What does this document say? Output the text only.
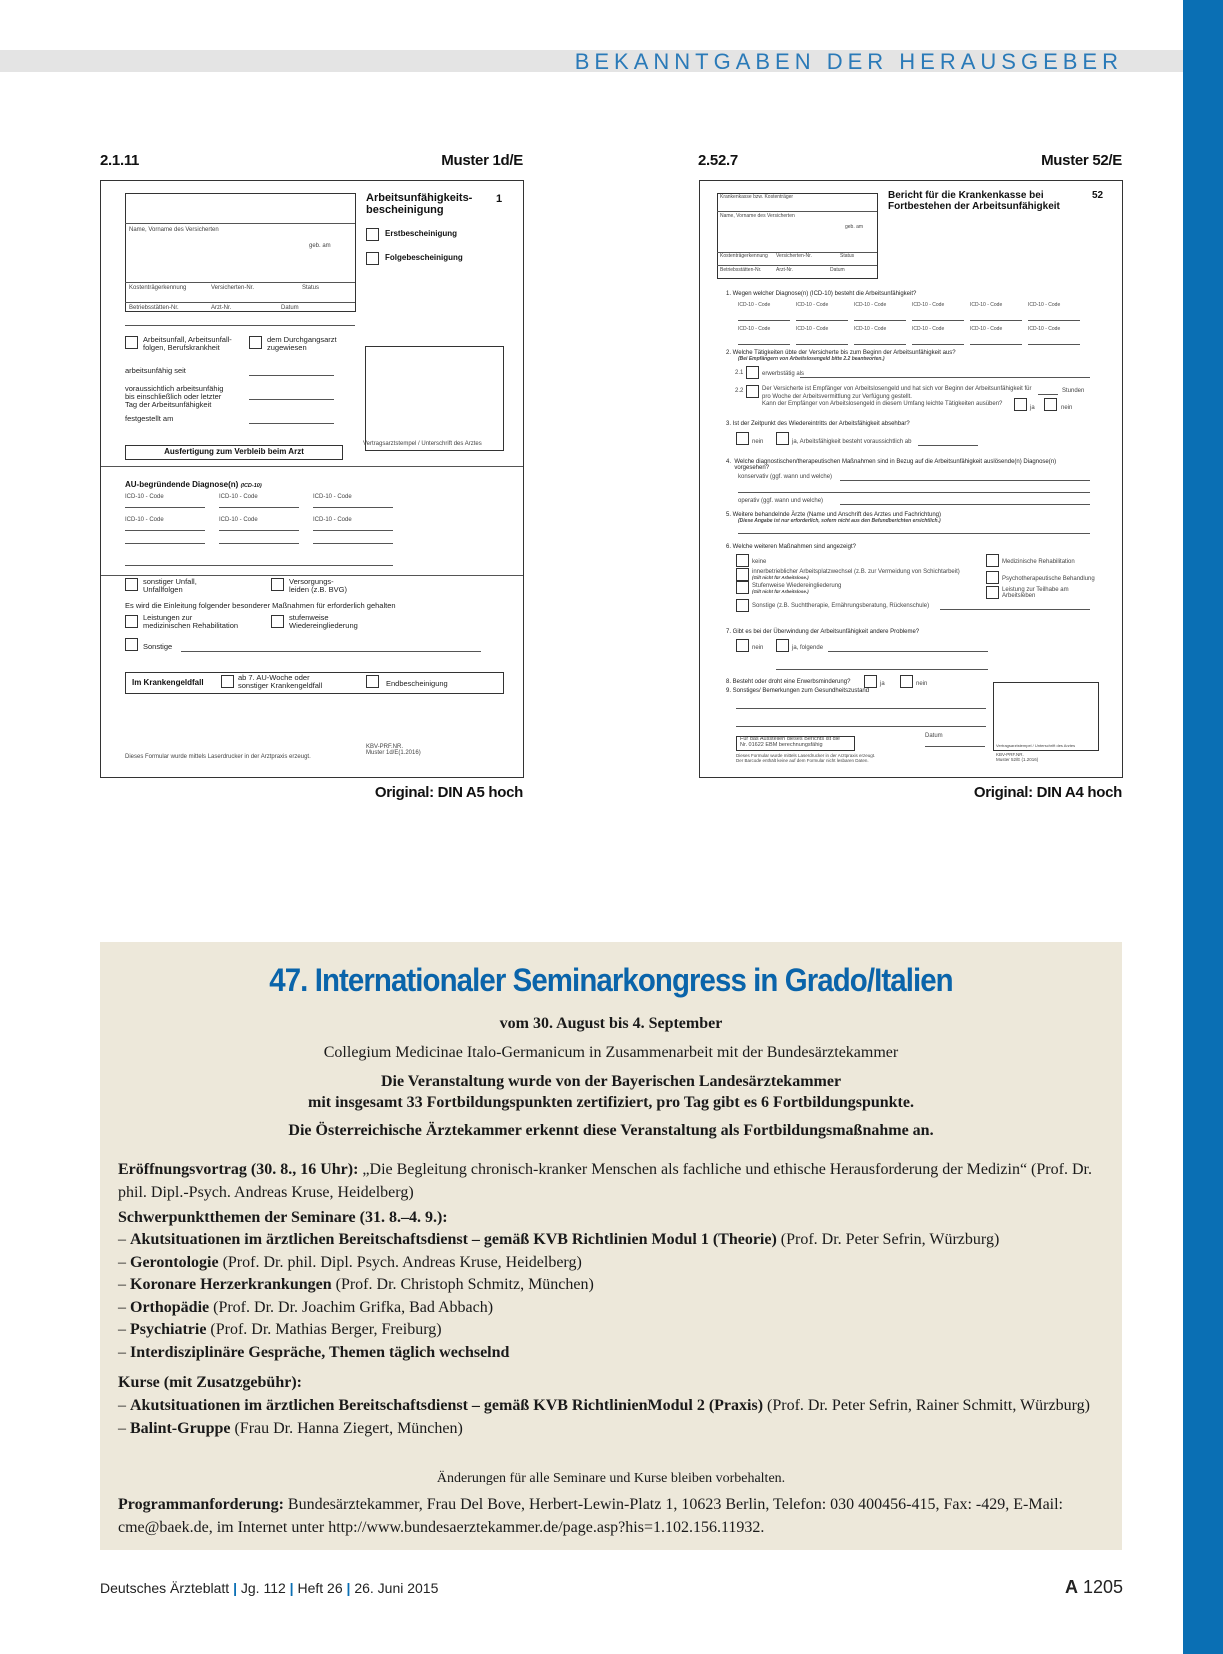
BEKANNTGABEN DER HERAUSGEBER
2.1.11	Muster 1d/E
Original: DIN A5 hoch
Name, Vorname des Versicherten
geb. am
Kostenträgerkennung	Versicherten-Nr.	Status
Betriebsstätten-Nr.	Arzt-Nr.	Datum
Arbeitsunfähigkeits-
bescheinigung
1
Erstbescheinigung
Folgebescheinigung
Arbeitsunfall, Arbeitsunfall-
folgen, Berufskrankheit
dem Durchgangsarzt
zugewiesen
arbeitsunfähig seit
voraussichtlich arbeitsunfähig
bis einschließlich oder letzter
Tag der Arbeitsunfähigkeit
festgestellt am
Vertragsarztstempel / Unterschrift des Arztes
Ausfertigung zum Verbleib beim Arzt
AU-begründende Diagnose(n) (ICD-10)
ICD-10 - Code	ICD-10 - Code	ICD-10 - Code
ICD-10 - Code	ICD-10 - Code	ICD-10 - Code
sonstiger Unfall,
Unfallfolgen
Versorgungs-
leiden (z.B. BVG)
Es wird die Einleitung folgender besonderer Maßnahmen für erforderlich gehalten
Leistungen zur
medizinischen Rehabilitation
stufenweise
Wiedereingliederung
Sonstige
Im Krankengeldfall
ab 7. AU-Woche oder
sonstiger Krankengeldfall	Endbescheinigung
Dieses Formular wurde mittels Laserdrucker in der Arztpraxis erzeugt.
KBV-PRF.NR.
Muster 1d/E(1.2016)
2.52.7	Muster 52/E
Original: DIN A4 hoch
Krankenkasse bzw. Kostenträger
Name, Vorname des Versicherten
geb. am
Kostenträgerkennung Versicherten-Nr.	Status
Betriebsstätten-Nr.	Arzt-Nr.	Datum
Bericht für die Krankenkasse bei
Fortbestehen der Arbeitsunfähigkeit
52
1. Wegen welcher Diagnose(n) (ICD-10) besteht die Arbeitsunfähigkeit?
2. Welche Tätigkeiten übte der Versicherte bis zum Beginn der Arbeitsunfähigkeit aus?
(Bei Empfängern von Arbeitslosengeld bitte 2.2 beantworten.)
2.1	erwerbstätig als
2.2	Der Versicherte ist Empfänger von Arbeitslosengeld und hat sich vor Beginn der Arbeitsunfähigkeit für
pro Woche der Arbeitsvermittlung zur Verfügung gestellt.
Kann der Empfänger von Arbeitslosengeld in diesem Umfang leichte Tätigkeiten ausüben?
Stunden
ja	nein
3. Ist der Zeitpunkt des Wiedereintritts der Arbeitsfähigkeit absehbar?
nein	ja, Arbeitsfähigkeit besteht voraussichtlich ab
4.  Welche diagnostischen/therapeutischen Maßnahmen sind in Bezug auf die Arbeitsunfähigkeit auslösende(n) Diagnose(n)
vorgesehen?
konservativ (ggf. wann und welche)
operativ (ggf. wann und welche)
5. Weitere behandelnde Ärzte (Name und Anschrift des Arztes und Fachrichtung)
(Diese Angabe ist nur erforderlich, sofern nicht aus den Befundberichten ersichtlich.)
6. Welche weiteren Maßnahmen sind angezeigt?
keine
innerbetrieblicher Arbeitsplatzwechsel (z.B. zur Vermeidung von Schichtarbeit)
(Gilt nicht für Arbeitslose.)
Stufenweise Wiedereingliederung
(Gilt nicht für Arbeitslose.)
Sonstige (z.B. Suchttherapie, Ernährungsberatung, Rückenschule)
Medizinische Rehabilitation
Psychotherapeutische Behandlung
Leistung zur Teilhabe am
Arbeitsleben
7. Gibt es bei der Überwindung der Arbeitsunfähigkeit andere Probleme?
nein	ja, folgende
8. Besteht oder droht eine Erwerbsminderung?	ja	nein
9. Sonstiges/ Bemerkungen zum Gesundheitszustand
Datum
Für das Ausstellen dieses Berichts ist die
Nr. 01622 EBM berechnungsfähig
Dieses Formular wurde mittels Laserdrucker in der Arztpraxis erzeugt.
Der Barcode enthält keine auf dem Formular nicht lesbaren Daten.
Vertragsarztstempel / Unterschrift des Arztes
KBV-PRF.NR.
Muster 52/E (1.2016)
ICD-10 - Code	ICD-10 - Code	ICD-10 - Code	ICD-10 - Code	ICD-10 - Code	ICD-10 - Code
ICD-10 - Code	ICD-10 - Code	ICD-10 - Code	ICD-10 - Code	ICD-10 - Code	ICD-10 - Code
47. Internationaler Seminarkongress in Grado/Italien
vom 30. August bis 4. September
Collegium Medicinae Italo-Germanicum in Zusammenarbeit mit der Bundesärztekammer
Die Veranstaltung wurde von der Bayerischen Landesärztekammer
mit insgesamt 33 Fortbildungspunkten zertifiziert, pro Tag gibt es 6 Fortbildungspunkte.
Die Österreichische Ärztekammer erkennt diese Veranstaltung als Fortbildungsmaßnahme an.
Eröffnungsvortrag (30. 8., 16 Uhr): „Die Begleitung chronisch-kranker Menschen als fachliche und ethische Herausforderung der Medizin“ (Prof. Dr. phil. Dipl.-Psych. Andreas Kruse, Heidelberg)
Schwerpunktthemen der Seminare (31. 8.–4. 9.):
– Akutsituationen im ärztlichen Bereitschaftsdienst – gemäß KVB Richtlinien Modul 1 (Theorie) (Prof. Dr. Peter Sefrin, Würzburg)
– Gerontologie (Prof. Dr. phil. Dipl. Psych. Andreas Kruse, Heidelberg)
– Koronare Herzerkrankungen (Prof. Dr. Christoph Schmitz, München)
– Orthopädie (Prof. Dr. Dr. Joachim Grifka, Bad Abbach)
– Psychiatrie (Prof. Dr. Mathias Berger, Freiburg)
– Interdisziplinäre Gespräche, Themen täglich wechselnd
Kurse (mit Zusatzgebühr):
– Akutsituationen im ärztlichen Bereitschaftsdienst – gemäß KVB RichtlinienModul 2 (Praxis) (Prof. Dr. Peter Sefrin, Rainer Schmitt, Würzburg)
– Balint-Gruppe (Frau Dr. Hanna Ziegert, München)
Änderungen für alle Seminare und Kurse bleiben vorbehalten.
Programmanforderung: Bundesärztekammer, Frau Del Bove, Herbert-Lewin-Platz 1, 10623 Berlin, Telefon: 030 400456-415, Fax: -429, E-Mail: cme@baek.de, im Internet unter http://www.bundesaerztekammer.de/page.asp?his=1.102.156.11932.
Deutsches Ärzteblatt | Jg. 112 | Heft 26 | 26. Juni 2015	A 1205
